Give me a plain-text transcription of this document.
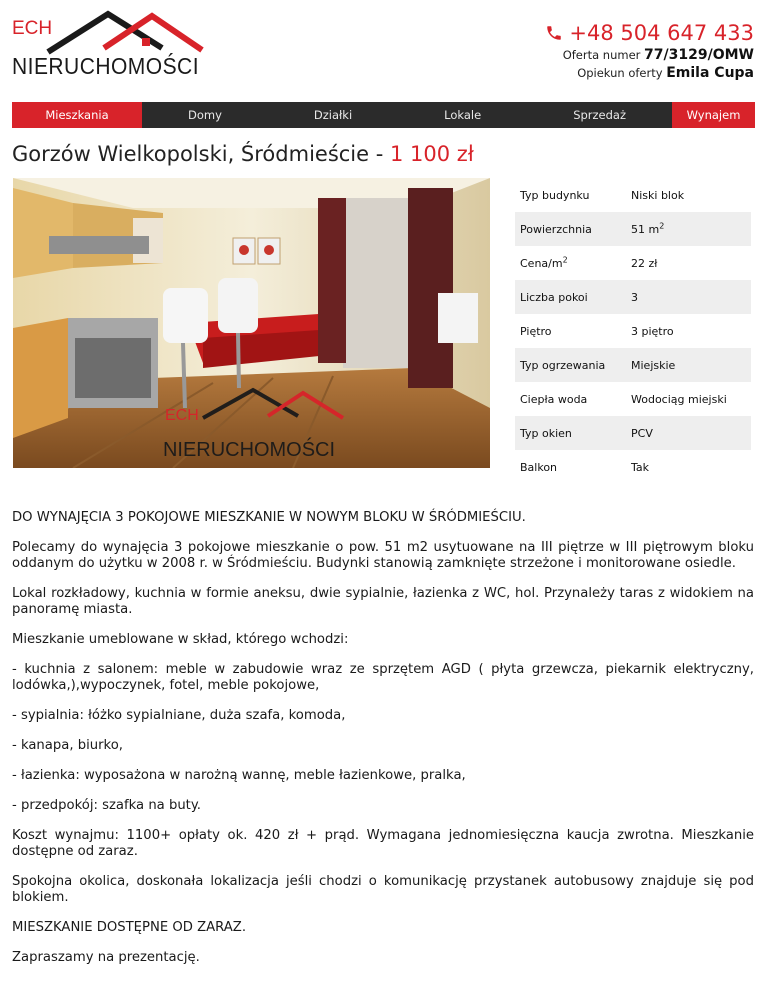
ECH
NIERUCHOMOŚCI
+48 504 647 433
Oferta numer 77/3129/OMW
Opiekun oferty Emila Cupa
Mieszkania	Domy	Działki	Lokale	Sprzedaż	Wynajem
Gorzów Wielkopolski, Śródmieście - 1 100 zł
ECH
NIERUCHOMOŚCI
Typ budynku	Niski blok
Powierzchnia	51 $m^2$
Cena/$m^2$	22 zł
Liczba pokoi	3
Piętro	3 piętro
Typ ogrzewania	Miejskie
Ciepła woda	Wodociąg miejski
Typ okien	PCV
Balkon	Tak

DO WYNAJĘCIA 3 POKOJOWE MIESZKANIE W NOWYM BLOKU W ŚRÓDMIEŚCIU.

Polecamy do wynajęcia 3 pokojowe mieszkanie o pow. 51 m2 usytuowane na III piętrze w III piętrowym bloku oddanym do użytku w 2008 r. w Śródmieściu. Budynki stanowią zamknięte strzeżone i monitorowane osiedle.

Lokal rozkładowy, kuchnia w formie aneksu, dwie sypialnie, łazienka z WC, hol. Przynależy taras z widokiem na panoramę miasta.

Mieszkanie umeblowane w skład, którego wchodzi:

- kuchnia z salonem: meble w zabudowie wraz ze sprzętem AGD ( płyta grzewcza, piekarnik elektryczny, lodówka,),wypoczynek, fotel, meble pokojowe,

- sypialnia: łóżko sypialniane, duża szafa, komoda,

- kanapa, biurko,

- łazienka: wyposażona w narożną wannę, meble łazienkowe, pralka,

- przedpokój: szafka na buty.

Koszt wynajmu: 1100+ opłaty ok. 420 zł + prąd. Wymagana jednomiesięczna kaucja zwrotna. Mieszkanie dostępne od zaraz.

Spokojna okolica, doskonała lokalizacja jeśli chodzi o komunikację przystanek autobusowy znajduje się pod blokiem.

MIESZKANIE DOSTĘPNE OD ZARAZ.

Zapraszamy na prezentację.
